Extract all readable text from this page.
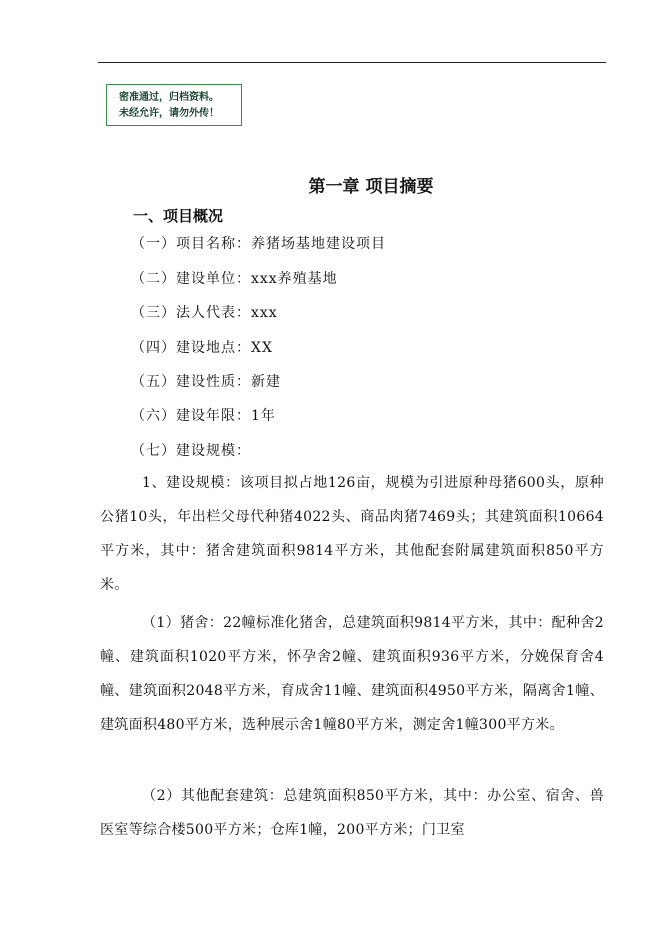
密准通过，归档资料。
未经允许，请勿外传！
第一章 项目摘要
一、项目概况
（一）项目名称：养猪场基地建设项目
（二）建设单位：xxx养殖基地
（三）法人代表：xxx
（四）建设地点：XX
（五）建设性质：新建
（六）建设年限：1年
（七）建设规模：
1、建设规模：该项目拟占地126亩，规模为引进原种母猪600头，原种公猪10头，年出栏父母代种猪4022头、商品肉猪7469头；其建筑面积10664平方米，其中：猪舍建筑面积9814平方米，其他配套附属建筑面积850平方米。
（1）猪舍：22幢标准化猪舍，总建筑面积9814平方米，其中：配种舍2幢、建筑面积1020平方米，怀孕舍2幢、建筑面积936平方米，分娩保育舍4幢、建筑面积2048平方米，育成舍11幢、建筑面积4950平方米，隔离舍1幢、建筑面积480平方米，选种展示舍1幢80平方米，测定舍1幢300平方米。
（2）其他配套建筑：总建筑面积850平方米，其中：办公室、宿舍、兽医室等综合楼500平方米；仓库1幢，200平方米；门卫室
